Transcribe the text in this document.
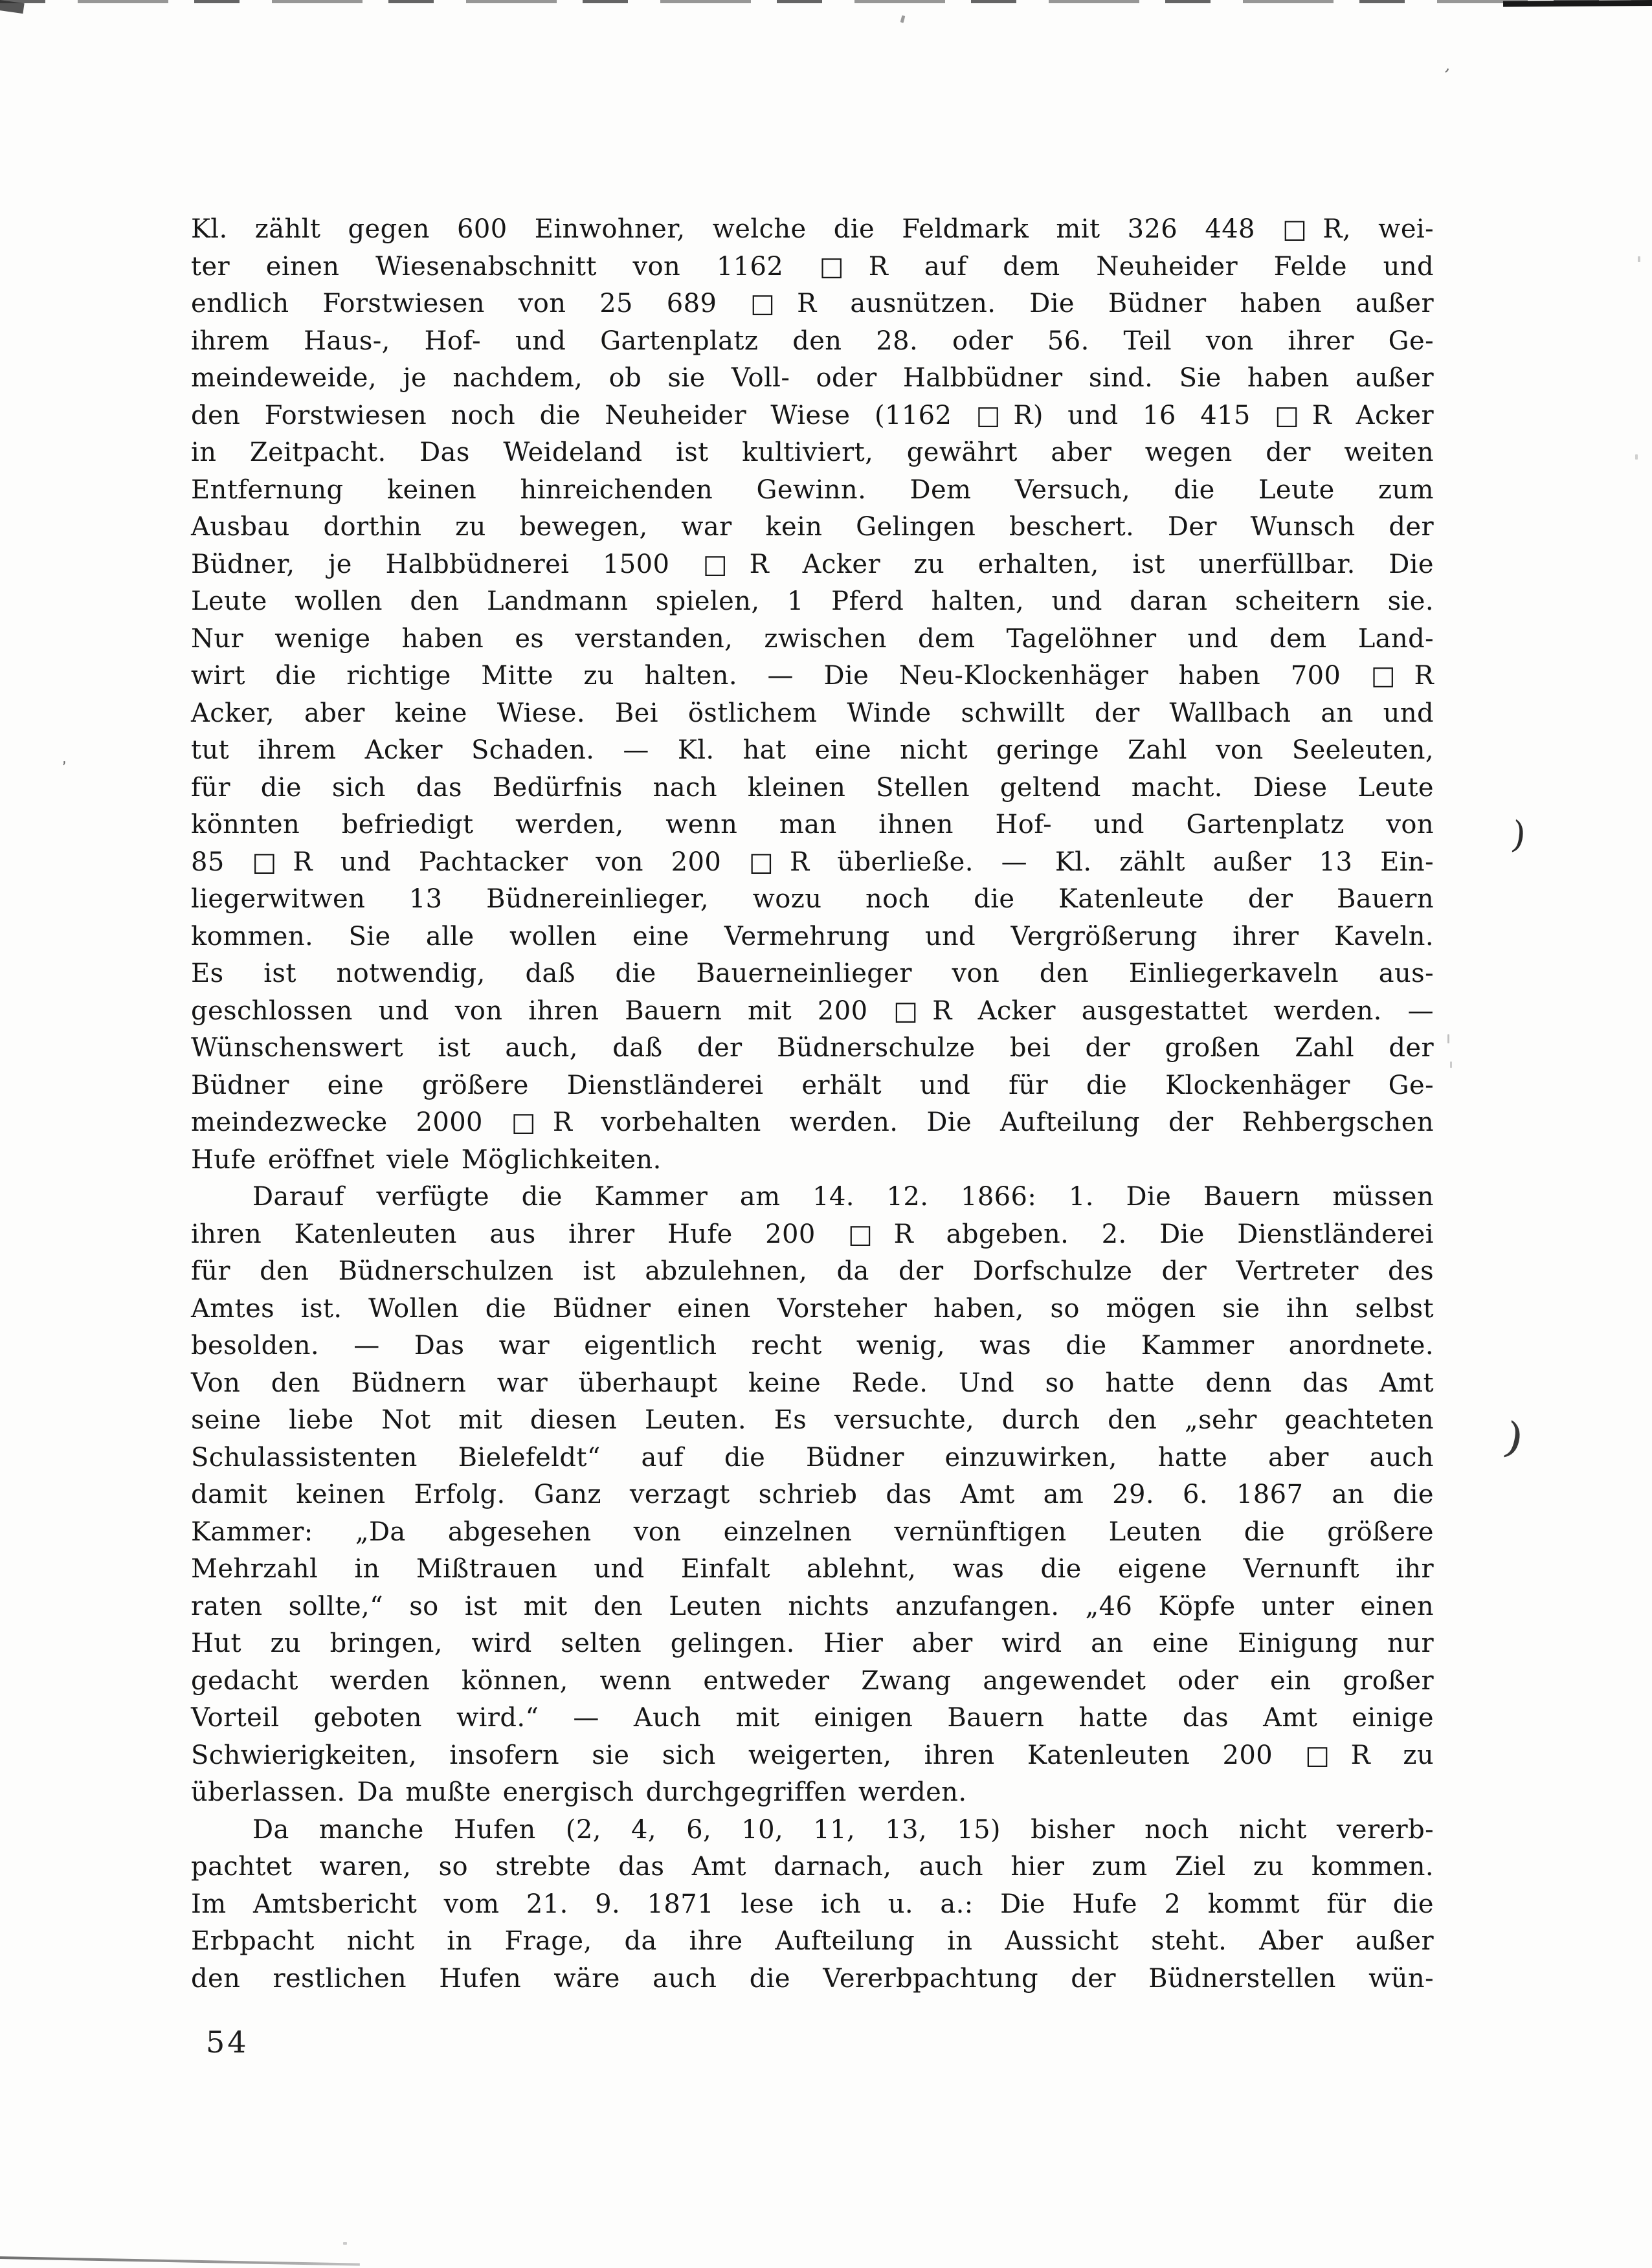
)
)
ʼ
ʼ
Kl. zählt gegen 600 Einwohner, welche die Feldmark mit 326 448 □R, wei-
ter einen Wiesenabschnitt von 1162 □R auf dem Neuheider Felde und
endlich Forstwiesen von 25 689 □R ausnützen. Die Büdner haben außer
ihrem Haus-, Hof- und Gartenplatz den 28. oder 56. Teil von ihrer Ge-
meindeweide, je nachdem, ob sie Voll- oder Halbbüdner sind. Sie haben außer
den Forstwiesen noch die Neuheider Wiese (1162 □R) und 16 415 □R Acker
in Zeitpacht. Das Weideland ist kultiviert, gewährt aber wegen der weiten
Entfernung keinen hinreichenden Gewinn. Dem Versuch, die Leute zum
Ausbau dorthin zu bewegen, war kein Gelingen beschert. Der Wunsch der
Büdner, je Halbbüdnerei 1500 □R Acker zu erhalten, ist unerfüllbar. Die
Leute wollen den Landmann spielen, 1 Pferd halten, und daran scheitern sie.
Nur wenige haben es verstanden, zwischen dem Tagelöhner und dem Land-
wirt die richtige Mitte zu halten. — Die Neu-Klockenhäger haben 700 □R
Acker, aber keine Wiese. Bei östlichem Winde schwillt der Wallbach an und
tut ihrem Acker Schaden. — Kl. hat eine nicht geringe Zahl von Seeleuten,
für die sich das Bedürfnis nach kleinen Stellen geltend macht. Diese Leute
könnten befriedigt werden, wenn man ihnen Hof- und Gartenplatz von
85 □R und Pachtacker von 200 □R überließe. — Kl. zählt außer 13 Ein-
liegerwitwen 13 Büdnereinlieger, wozu noch die Katenleute der Bauern
kommen. Sie alle wollen eine Vermehrung und Vergrößerung ihrer Kaveln.
Es ist notwendig, daß die Bauerneinlieger von den Einliegerkaveln aus-
geschlossen und von ihren Bauern mit 200 □R Acker ausgestattet werden. —
Wünschenswert ist auch, daß der Büdnerschulze bei der großen Zahl der
Büdner eine größere Dienstländerei erhält und für die Klockenhäger Ge-
meindezwecke 2000 □R vorbehalten werden. Die Aufteilung der Rehbergschen
Hufe eröffnet viele Möglichkeiten.
Darauf verfügte die Kammer am 14. 12. 1866: 1. Die Bauern müssen
ihren Katenleuten aus ihrer Hufe 200 □R abgeben. 2. Die Dienstländerei
für den Büdnerschulzen ist abzulehnen, da der Dorfschulze der Vertreter des
Amtes ist. Wollen die Büdner einen Vorsteher haben, so mögen sie ihn selbst
besolden. — Das war eigentlich recht wenig, was die Kammer anordnete.
Von den Büdnern war überhaupt keine Rede. Und so hatte denn das Amt
seine liebe Not mit diesen Leuten. Es versuchte, durch den „sehr geachteten
Schulassistenten Bielefeldt“ auf die Büdner einzuwirken, hatte aber auch
damit keinen Erfolg. Ganz verzagt schrieb das Amt am 29. 6. 1867 an die
Kammer: „Da abgesehen von einzelnen vernünftigen Leuten die größere
Mehrzahl in Mißtrauen und Einfalt ablehnt, was die eigene Vernunft ihr
raten sollte,“ so ist mit den Leuten nichts anzufangen. „46 Köpfe unter einen
Hut zu bringen, wird selten gelingen. Hier aber wird an eine Einigung nur
gedacht werden können, wenn entweder Zwang angewendet oder ein großer
Vorteil geboten wird.“ — Auch mit einigen Bauern hatte das Amt einige
Schwierigkeiten, insofern sie sich weigerten, ihren Katenleuten 200 □R zu
überlassen. Da mußte energisch durchgegriffen werden.
Da manche Hufen (2, 4, 6, 10, 11, 13, 15) bisher noch nicht vererb-
pachtet waren, so strebte das Amt darnach, auch hier zum Ziel zu kommen.
Im Amtsbericht vom 21. 9. 1871 lese ich u. a.: Die Hufe 2 kommt für die
Erbpacht nicht in Frage, da ihre Aufteilung in Aussicht steht. Aber außer
den restlichen Hufen wäre auch die Vererbpachtung der Büdnerstellen wün-
54
